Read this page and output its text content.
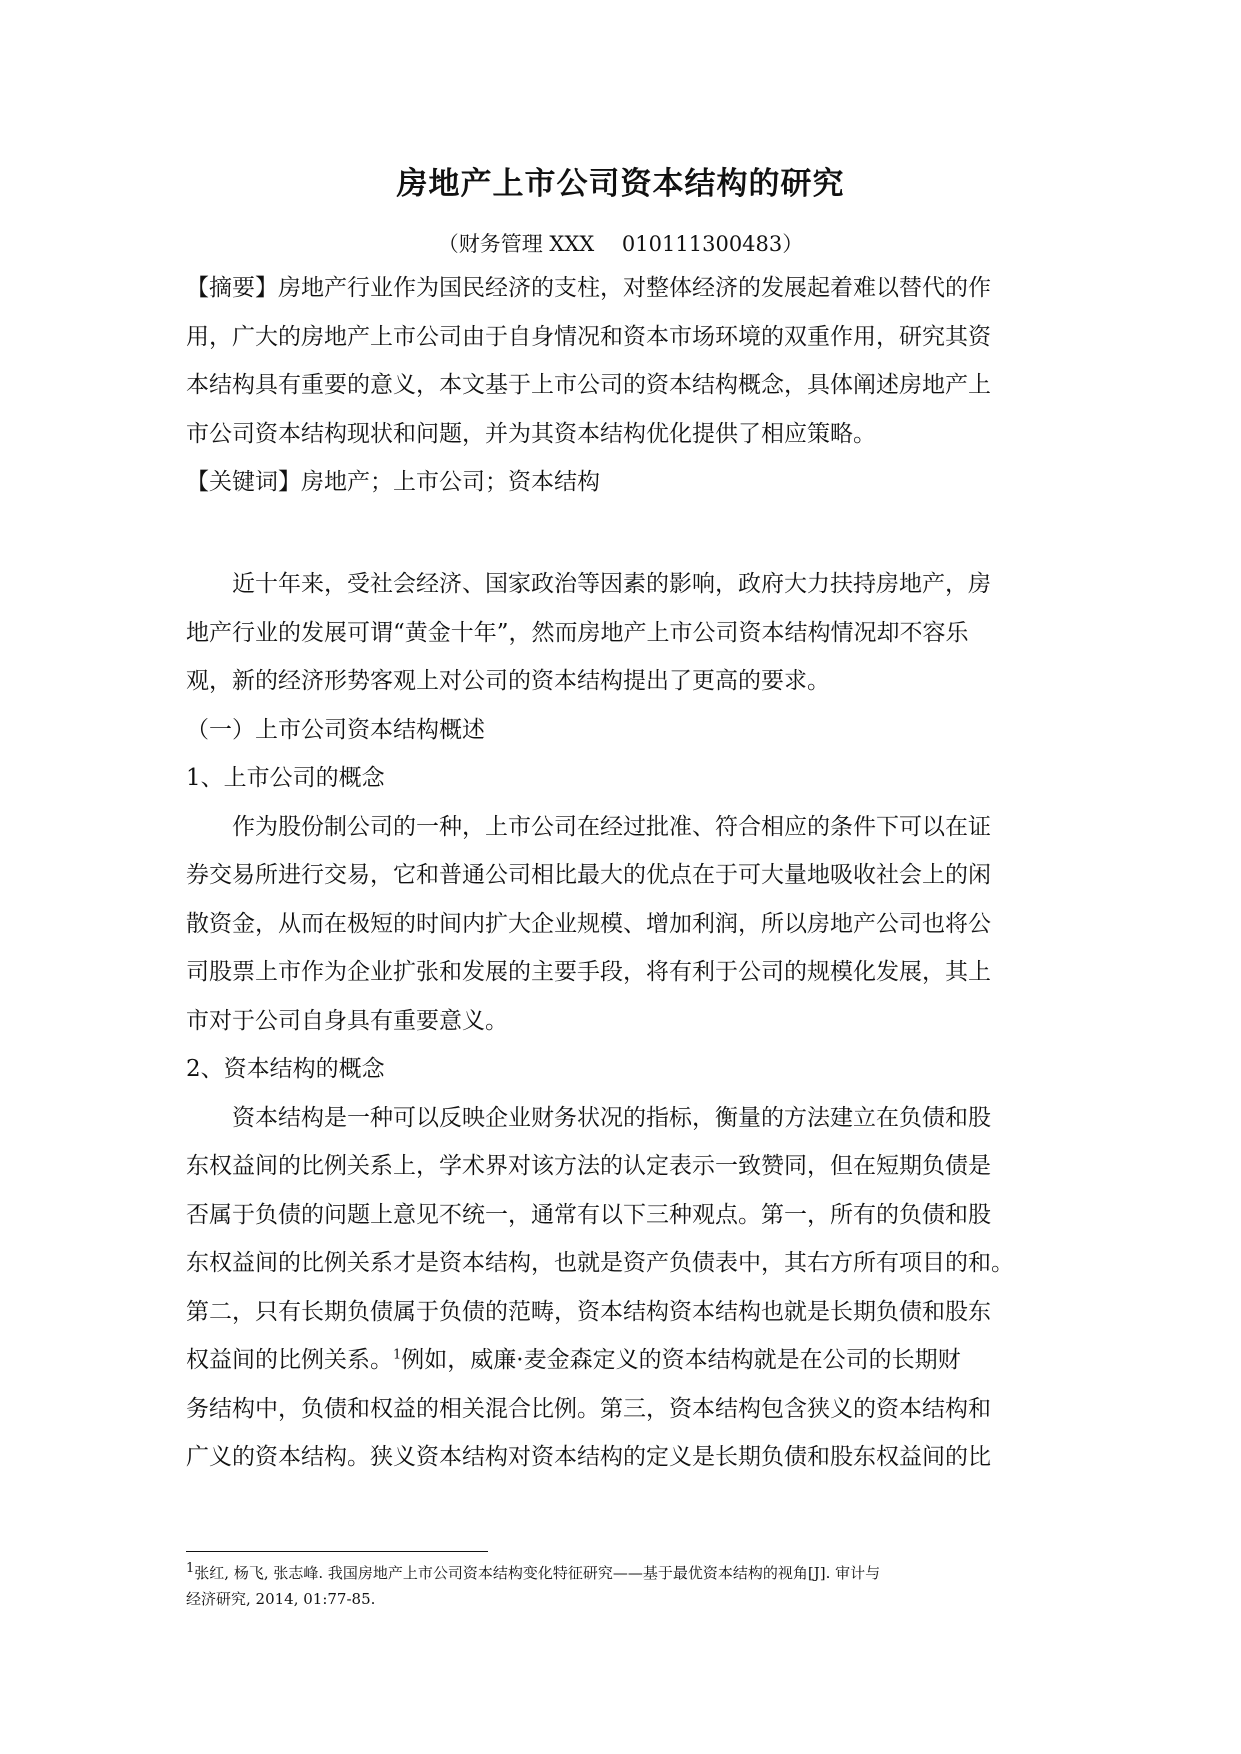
房地产上市公司资本结构的研究
（财务管理 XXX　 010111300483）
【摘要】房地产行业作为国民经济的支柱，对整体经济的发展起着难以替代的作
用，广大的房地产上市公司由于自身情况和资本市场环境的双重作用，研究其资
本结构具有重要的意义，本文基于上市公司的资本结构概念，具体阐述房地产上
市公司资本结构现状和问题，并为其资本结构优化提供了相应策略。
【关键词】房地产；上市公司；资本结构
近十年来，受社会经济、国家政治等因素的影响，政府大力扶持房地产，房
地产行业的发展可谓“黄金十年”，然而房地产上市公司资本结构情况却不容乐
观，新的经济形势客观上对公司的资本结构提出了更高的要求。
（一）上市公司资本结构概述
1、上市公司的概念
作为股份制公司的一种，上市公司在经过批准、符合相应的条件下可以在证
券交易所进行交易，它和普通公司相比最大的优点在于可大量地吸收社会上的闲
散资金，从而在极短的时间内扩大企业规模、增加利润，所以房地产公司也将公
司股票上市作为企业扩张和发展的主要手段，将有利于公司的规模化发展，其上
市对于公司自身具有重要意义。
2、资本结构的概念
资本结构是一种可以反映企业财务状况的指标，衡量的方法建立在负债和股
东权益间的比例关系上，学术界对该方法的认定表示一致赞同，但在短期负债是
否属于负债的问题上意见不统一，通常有以下三种观点。第一，所有的负债和股
东权益间的比例关系才是资本结构，也就是资产负债表中，其右方所有项目的和。
第二，只有长期负债属于负债的范畴，资本结构资本结构也就是长期负债和股东
权益间的比例关系。$^1$例如，威廉·麦金森定义的资本结构就是在公司的长期财
务结构中，负债和权益的相关混合比例。第三，资本结构包含狭义的资本结构和
广义的资本结构。狭义资本结构对资本结构的定义是长期负债和股东权益间的比
1张红, 杨飞, 张志峰. 我国房地产上市公司资本结构变化特征研究——基于最优资本结构的视角[J]. 审计与
经济研究, 2014, 01:77-85.
